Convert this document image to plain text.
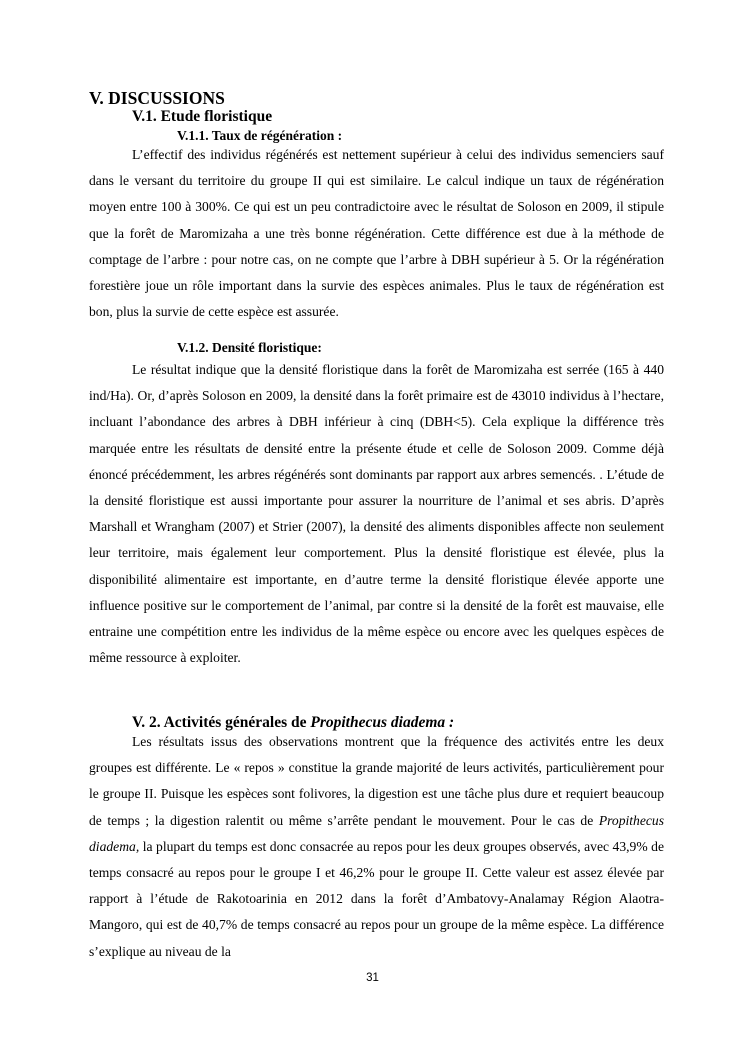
V. DISCUSSIONS
V.1. Etude floristique
V.1.1. Taux de régénération :
L’effectif des individus régénérés est nettement supérieur à celui des individus semenciers sauf dans le versant du territoire du groupe II qui est similaire. Le calcul indique un taux de régénération moyen entre 100 à 300%. Ce qui est un peu contradictoire avec le résultat de Soloson en 2009, il stipule que la forêt de Maromizaha a une très bonne régénération. Cette différence est due à la méthode de comptage de l’arbre : pour notre cas, on ne compte que l’arbre à DBH supérieur à 5. Or la régénération forestière joue un rôle important dans la survie des espèces animales. Plus le taux de régénération est bon, plus la survie de cette espèce est assurée.
V.1.2. Densité floristique:
Le résultat indique que la densité floristique dans la forêt de Maromizaha est serrée (165 à 440 ind/Ha). Or, d’après Soloson en 2009, la densité dans la forêt primaire est de 43010 individus à l’hectare, incluant l’abondance des arbres à DBH inférieur à cinq (DBH<5). Cela explique la différence très marquée entre les résultats de densité entre la présente étude et celle de Soloson 2009. Comme déjà énoncé précédemment, les arbres régénérés sont dominants par rapport aux arbres semencés. . L’étude de la densité floristique est aussi importante pour assurer la nourriture de l’animal et ses abris. D’après Marshall et Wrangham (2007) et Strier (2007), la densité des aliments disponibles affecte non seulement leur territoire, mais également leur comportement. Plus la densité floristique est élevée, plus la disponibilité alimentaire est importante, en d’autre terme la densité floristique élevée apporte une influence positive sur le comportement de l’animal, par contre si la densité de la forêt est mauvaise, elle entraine une compétition entre les individus de la même espèce ou encore avec les quelques espèces de même ressource à exploiter.
V. 2. Activités générales de Propithecus diadema :
Les résultats issus des observations montrent que la fréquence des activités entre les deux groupes est différente. Le « repos » constitue la grande majorité de leurs activités, particulièrement pour le groupe II. Puisque les espèces sont folivores, la digestion est une tâche plus dure et requiert beaucoup de temps ; la digestion ralentit ou même s’arrête pendant le mouvement. Pour le cas de Propithecus diadema, la plupart du temps est donc consacrée au repos pour les deux groupes observés, avec 43,9% de temps consacré au repos pour le groupe I et 46,2% pour le groupe II. Cette valeur est assez élevée par rapport à l’étude de Rakotoarinia en 2012 dans la forêt d’Ambatovy-Analamay Région Alaotra- Mangoro, qui est de 40,7% de temps consacré au repos pour un groupe de la même espèce. La différence s’explique au niveau de la
31
